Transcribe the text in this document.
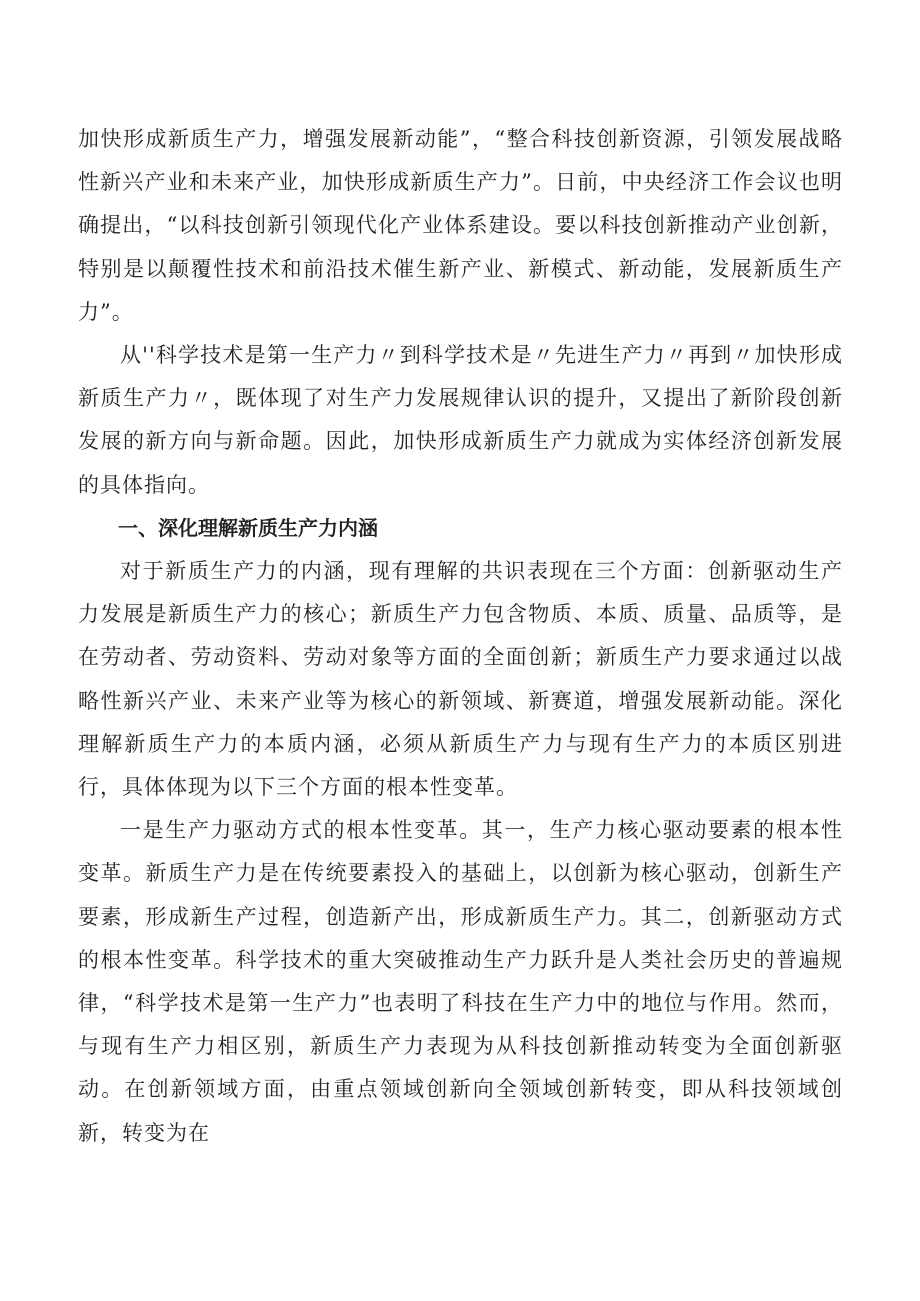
加快形成新质生产力，增强发展新动能”，“整合科技创新资源，引领发展战略性新兴产业和未来产业，加快形成新质生产力”。日前，中央经济工作会议也明确提出，“以科技创新引领现代化产业体系建设。要以科技创新推动产业创新，特别是以颠覆性技术和前沿技术催生新产业、新模式、新动能，发展新质生产力”。

从''科学技术是第一生产力〃到科学技术是〃先进生产力〃再到〃加快形成新质生产力〃，既体现了对生产力发展规律认识的提升，又提出了新阶段创新发展的新方向与新命题。因此，加快形成新质生产力就成为实体经济创新发展的具体指向。

一、深化理解新质生产力内涵

对于新质生产力的内涵，现有理解的共识表现在三个方面：创新驱动生产力发展是新质生产力的核心；新质生产力包含物质、本质、质量、品质等，是在劳动者、劳动资料、劳动对象等方面的全面创新；新质生产力要求通过以战略性新兴产业、未来产业等为核心的新领域、新赛道，增强发展新动能。深化理解新质生产力的本质内涵，必须从新质生产力与现有生产力的本质区别进行，具体体现为以下三个方面的根本性变革。

一是生产力驱动方式的根本性变革。其一，生产力核心驱动要素的根本性变革。新质生产力是在传统要素投入的基础上，以创新为核心驱动，创新生产要素，形成新生产过程，创造新产出，形成新质生产力。其二，创新驱动方式的根本性变革。科学技术的重大突破推动生产力跃升是人类社会历史的普遍规律，“科学技术是第一生产力”也表明了科技在生产力中的地位与作用。然而，与现有生产力相区别，新质生产力表现为从科技创新推动转变为全面创新驱动。在创新领域方面，由重点领域创新向全领域创新转变，即从科技领域创新，转变为在
